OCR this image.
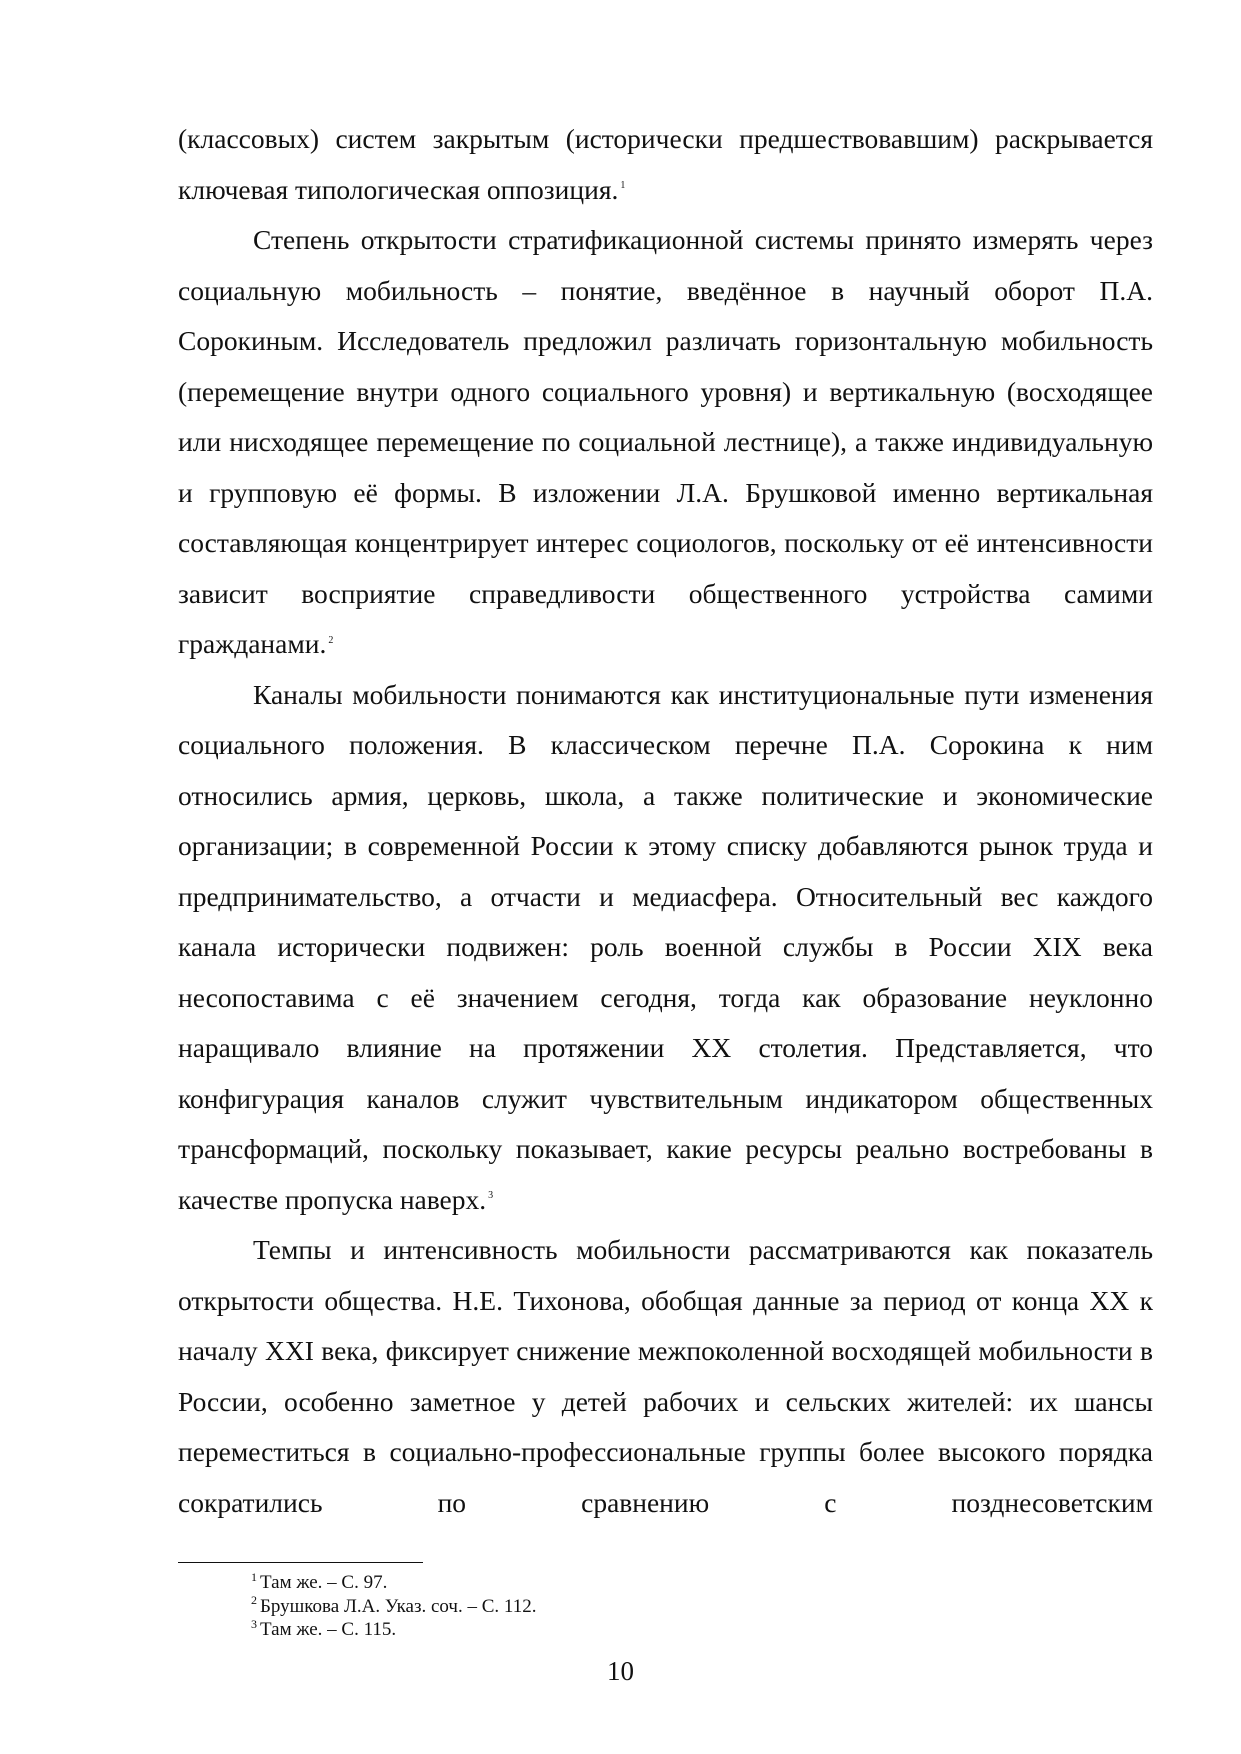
(классовых) систем закрытым (исторически предшествовавшим) раскрывается ключевая типологическая оппозиция. $^1$

Степень открытости стратификационной системы принято измерять через социальную мобильность – понятие, введённое в научный оборот П.А. Сорокиным. Исследователь предложил различать горизонтальную мобильность (перемещение внутри одного социального уровня) и вертикальную (восходящее или нисходящее перемещение по социальной лестнице), а также индивидуальную и групповую её формы. В изложении Л.А. Брушковой именно вертикальная составляющая концентрирует интерес социологов, поскольку от её интенсивности зависит восприятие справедливости общественного устройства самими гражданами. $^2$

Каналы мобильности понимаются как институциональные пути изменения социального положения. В классическом перечне П.А. Сорокина к ним относились армия, церковь, школа, а также политические и экономические организации; в современной России к этому списку добавляются рынок труда и предпринимательство, а отчасти и медиасфера. Относительный вес каждого канала исторически подвижен: роль военной службы в России XIX века несопоставима с её значением сегодня, тогда как образование неуклонно наращивало влияние на протяжении XX столетия. Представляется, что конфигурация каналов служит чувствительным индикатором общественных трансформаций, поскольку показывает, какие ресурсы реально востребованы в качестве пропуска наверх. $^3$

Темпы и интенсивность мобильности рассматриваются как показатель открытости общества. Н.Е. Тихонова, обобщая данные за период от конца XX к началу XXI века, фиксирует снижение межпоколенной восходящей мобильности в России, особенно заметное у детей рабочих и сельских жителей: их шансы переместиться в социально-профессиональные группы более высокого порядка сократились по сравнению с позднесоветским

$^1$ Там же. – С. 97.

$^2$ Брушкова Л.А. Указ. соч. – С. 112.

$^3$ Там же. – С. 115.

10
